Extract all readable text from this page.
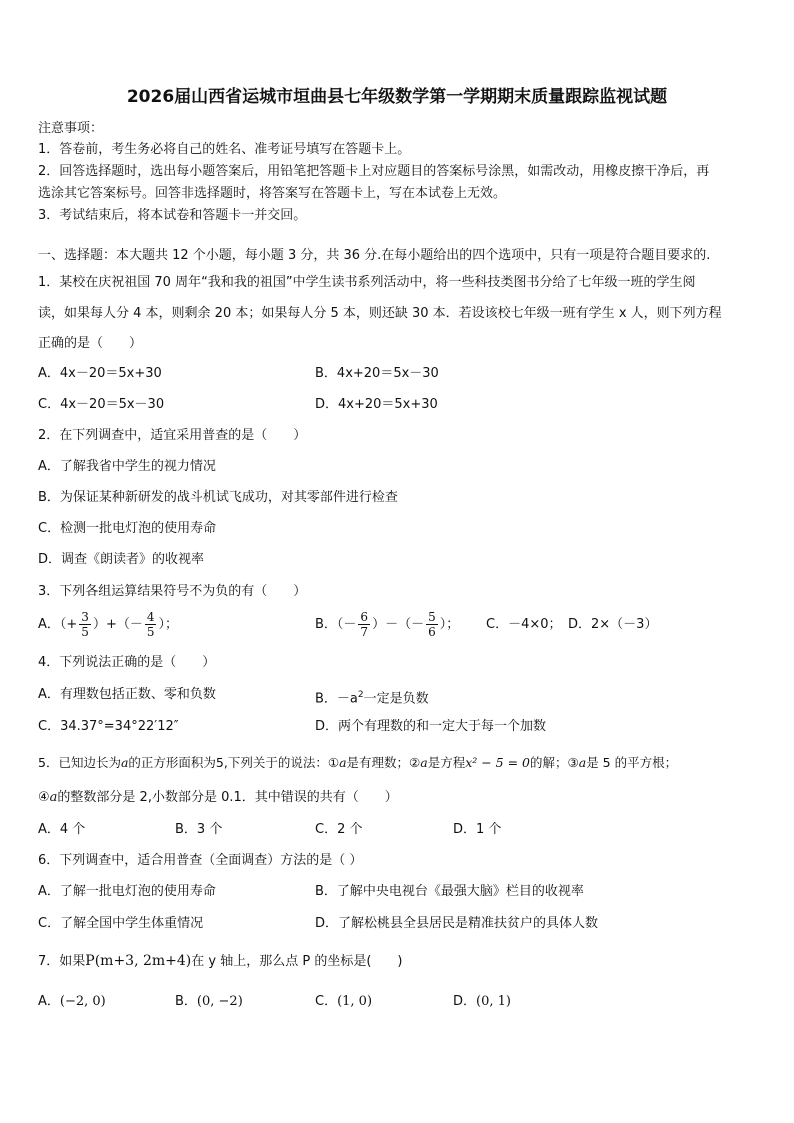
2026届山西省运城市垣曲县七年级数学第一学期期末质量跟踪监视试题
注意事项：
1．答卷前，考生务必将自己的姓名、准考证号填写在答题卡上。
2．回答选择题时，选出每小题答案后，用铅笔把答题卡上对应题目的答案标号涂黑，如需改动，用橡皮擦干净后，再
选涂其它答案标号。回答非选择题时，将答案写在答题卡上，写在本试卷上无效。
3．考试结束后，将本试卷和答题卡一并交回。
一、选择题：本大题共 12 个小题，每小题 3 分，共 36 分.在每小题给出的四个选项中，只有一项是符合题目要求的.
1．某校在庆祝祖国 70 周年“我和我的祖国”中学生读书系列活动中，将一些科技类图书分给了七年级一班的学生阅
读，如果每人分 4 本，则剩余 20 本；如果每人分 5 本，则还缺 30 本．若设该校七年级一班有学生 x 人，则下列方程
正确的是（　　）
A．4x－20＝5x+30	B．4x+20＝5x－30
C．4x－20＝5x－30	D．4x+20＝5x+30
2．在下列调查中，适宜采用普查的是（　　）
A．了解我省中学生的视力情况
B．为保证某种新研发的战斗机试飞成功，对其零部件进行检查
C．检测一批电灯泡的使用寿命
D．调查《朗读者》的收视率
3．下列各组运算结果符号不为负的有（　　）
A．（+ $\frac{3}{5}$ ）+（－ $\frac{4}{5}$ ）；	B．（－ $\frac{6}{7}$ ）－（－ $\frac{5}{6}$ ）； C．－4×0； D．2×（－3）
4．下列说法正确的是（　　）
A．有理数包括正数、零和负数	B．$-a^2$一定是负数
C．34.37°=34°22′12″	D．两个有理数的和一定大于每一个加数
5．已知边长为a的正方形面积为5,下列关于的说法：①a是有理数；②a是方程x² − 5 = 0的解；③a是 5 的平方根；
④a的整数部分是 2,小数部分是 0.1．其中错误的共有（　　）
A．4 个	B．3 个	C．2 个	D．1 个
6．下列调查中，适合用普查（全面调查）方法的是（ ）
A．了解一批电灯泡的使用寿命	B．了解中央电视台《最强大脑》栏目的收视率
C．了解全国中学生体重情况	D．了解松桃县全县居民是精准扶贫户的具体人数
7．如果P(m+3, 2m+4)在 y 轴上，那么点 P 的坐标是(　　)
A．(−2, 0)	B．(0, −2)	C．(1, 0)	D．(0, 1)
